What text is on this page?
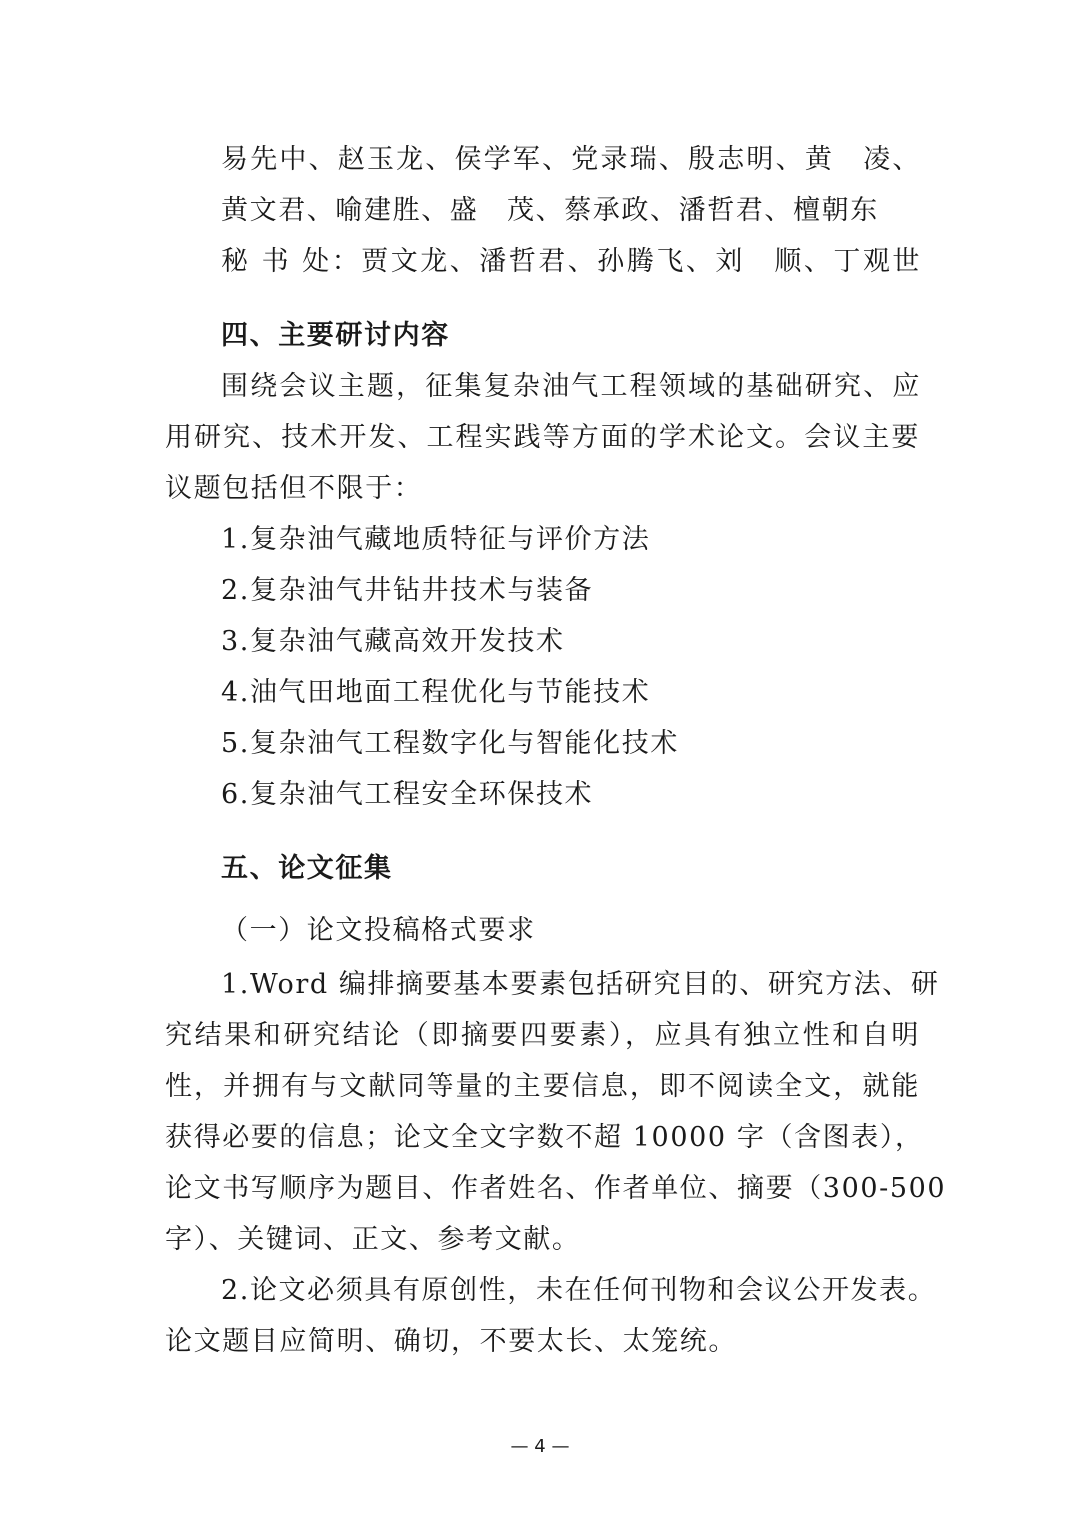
易先中、赵玉龙、侯学军、党录瑞、殷志明、黄　凌、
黄文君、喻建胜、盛　茂、蔡承政、潘哲君、檀朝东
秘 书 处：贾文龙、潘哲君、孙腾飞、刘　顺、丁观世
四、主要研讨内容
围绕会议主题，征集复杂油气工程领域的基础研究、应
用研究、技术开发、工程实践等方面的学术论文。会议主要
议题包括但不限于：
1.复杂油气藏地质特征与评价方法
2.复杂油气井钻井技术与装备
3.复杂油气藏高效开发技术
4.油气田地面工程优化与节能技术
5.复杂油气工程数字化与智能化技术
6.复杂油气工程安全环保技术
五、论文征集
（一）论文投稿格式要求
1.Word 编排摘要基本要素包括研究目的、研究方法、研
究结果和研究结论（即摘要四要素），应具有独立性和自明
性，并拥有与文献同等量的主要信息，即不阅读全文，就能
获得必要的信息；论文全文字数不超 10000 字（含图表），
论文书写顺序为题目、作者姓名、作者单位、摘要（300-500
字）、关键词、正文、参考文献。
2.论文必须具有原创性，未在任何刊物和会议公开发表。
论文题目应简明、确切，不要太长、太笼统。
— 4 —
